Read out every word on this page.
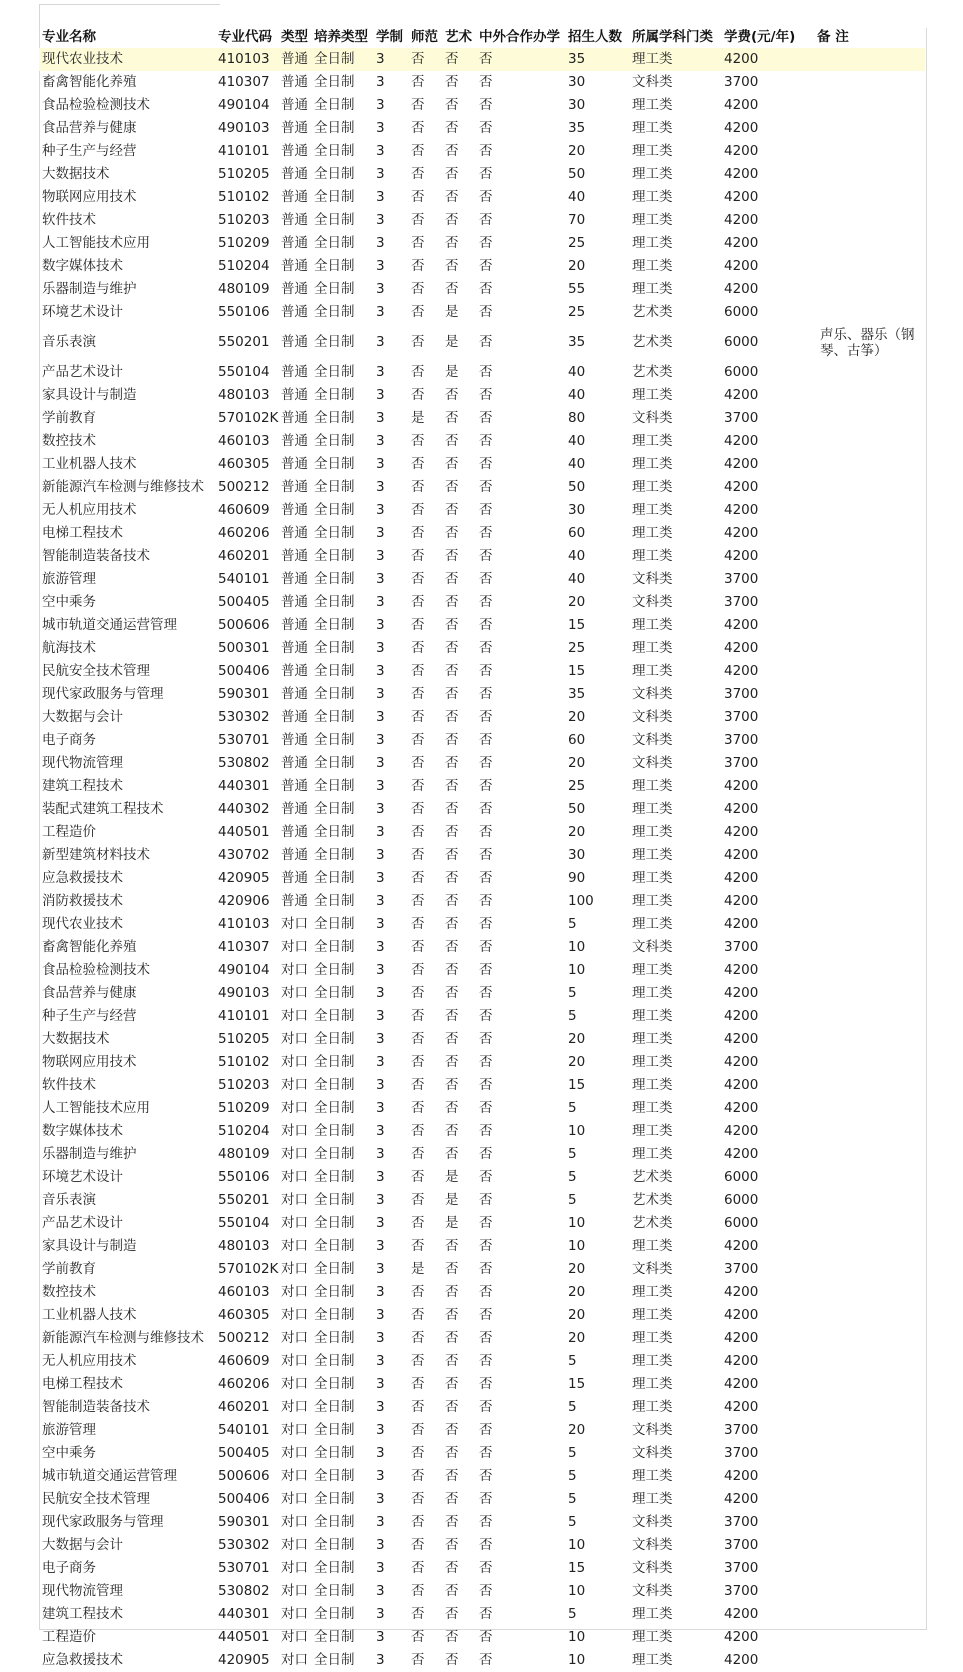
专业名称	专业代码	类型	培养类型	学制	师范	艺术	中外合作办学	招生人数	所属学科门类	学费(元/年)	备 注
现代农业技术	410103	普通	全日制	3	否	否	否	35	理工类	4200	
畜禽智能化养殖	410307	普通	全日制	3	否	否	否	30	文科类	3700	
食品检验检测技术	490104	普通	全日制	3	否	否	否	30	理工类	4200	
食品营养与健康	490103	普通	全日制	3	否	否	否	35	理工类	4200	
种子生产与经营	410101	普通	全日制	3	否	否	否	20	理工类	4200	
大数据技术	510205	普通	全日制	3	否	否	否	50	理工类	4200	
物联网应用技术	510102	普通	全日制	3	否	否	否	40	理工类	4200	
软件技术	510203	普通	全日制	3	否	否	否	70	理工类	4200	
人工智能技术应用	510209	普通	全日制	3	否	否	否	25	理工类	4200	
数字媒体技术	510204	普通	全日制	3	否	否	否	20	理工类	4200	
乐器制造与维护	480109	普通	全日制	3	否	否	否	55	理工类	4200	
环境艺术设计	550106	普通	全日制	3	否	是	否	25	艺术类	6000	
音乐表演	550201	普通	全日制	3	否	是	否	35	艺术类	6000	声乐、器乐（钢琴、古筝）
产品艺术设计	550104	普通	全日制	3	否	是	否	40	艺术类	6000	
家具设计与制造	480103	普通	全日制	3	否	否	否	40	理工类	4200	
学前教育	570102K	普通	全日制	3	是	否	否	80	文科类	3700	
数控技术	460103	普通	全日制	3	否	否	否	40	理工类	4200	
工业机器人技术	460305	普通	全日制	3	否	否	否	40	理工类	4200	
新能源汽车检测与维修技术	500212	普通	全日制	3	否	否	否	50	理工类	4200	
无人机应用技术	460609	普通	全日制	3	否	否	否	30	理工类	4200	
电梯工程技术	460206	普通	全日制	3	否	否	否	60	理工类	4200	
智能制造装备技术	460201	普通	全日制	3	否	否	否	40	理工类	4200	
旅游管理	540101	普通	全日制	3	否	否	否	40	文科类	3700	
空中乘务	500405	普通	全日制	3	否	否	否	20	文科类	3700	
城市轨道交通运营管理	500606	普通	全日制	3	否	否	否	15	理工类	4200	
航海技术	500301	普通	全日制	3	否	否	否	25	理工类	4200	
民航安全技术管理	500406	普通	全日制	3	否	否	否	15	理工类	4200	
现代家政服务与管理	590301	普通	全日制	3	否	否	否	35	文科类	3700	
大数据与会计	530302	普通	全日制	3	否	否	否	20	文科类	3700	
电子商务	530701	普通	全日制	3	否	否	否	60	文科类	3700	
现代物流管理	530802	普通	全日制	3	否	否	否	20	文科类	3700	
建筑工程技术	440301	普通	全日制	3	否	否	否	25	理工类	4200	
装配式建筑工程技术	440302	普通	全日制	3	否	否	否	50	理工类	4200	
工程造价	440501	普通	全日制	3	否	否	否	20	理工类	4200	
新型建筑材料技术	430702	普通	全日制	3	否	否	否	30	理工类	4200	
应急救援技术	420905	普通	全日制	3	否	否	否	90	理工类	4200	
消防救援技术	420906	普通	全日制	3	否	否	否	100	理工类	4200	
现代农业技术	410103	对口	全日制	3	否	否	否	5	理工类	4200	
畜禽智能化养殖	410307	对口	全日制	3	否	否	否	10	文科类	3700	
食品检验检测技术	490104	对口	全日制	3	否	否	否	10	理工类	4200	
食品营养与健康	490103	对口	全日制	3	否	否	否	5	理工类	4200	
种子生产与经营	410101	对口	全日制	3	否	否	否	5	理工类	4200	
大数据技术	510205	对口	全日制	3	否	否	否	20	理工类	4200	
物联网应用技术	510102	对口	全日制	3	否	否	否	20	理工类	4200	
软件技术	510203	对口	全日制	3	否	否	否	15	理工类	4200	
人工智能技术应用	510209	对口	全日制	3	否	否	否	5	理工类	4200	
数字媒体技术	510204	对口	全日制	3	否	否	否	10	理工类	4200	
乐器制造与维护	480109	对口	全日制	3	否	否	否	5	理工类	4200	
环境艺术设计	550106	对口	全日制	3	否	是	否	5	艺术类	6000	
音乐表演	550201	对口	全日制	3	否	是	否	5	艺术类	6000	
产品艺术设计	550104	对口	全日制	3	否	是	否	10	艺术类	6000	
家具设计与制造	480103	对口	全日制	3	否	否	否	10	理工类	4200	
学前教育	570102K	对口	全日制	3	是	否	否	20	文科类	3700	
数控技术	460103	对口	全日制	3	否	否	否	20	理工类	4200	
工业机器人技术	460305	对口	全日制	3	否	否	否	20	理工类	4200	
新能源汽车检测与维修技术	500212	对口	全日制	3	否	否	否	20	理工类	4200	
无人机应用技术	460609	对口	全日制	3	否	否	否	5	理工类	4200	
电梯工程技术	460206	对口	全日制	3	否	否	否	15	理工类	4200	
智能制造装备技术	460201	对口	全日制	3	否	否	否	5	理工类	4200	
旅游管理	540101	对口	全日制	3	否	否	否	20	文科类	3700	
空中乘务	500405	对口	全日制	3	否	否	否	5	文科类	3700	
城市轨道交通运营管理	500606	对口	全日制	3	否	否	否	5	理工类	4200	
民航安全技术管理	500406	对口	全日制	3	否	否	否	5	理工类	4200	
现代家政服务与管理	590301	对口	全日制	3	否	否	否	5	文科类	3700	
大数据与会计	530302	对口	全日制	3	否	否	否	10	文科类	3700	
电子商务	530701	对口	全日制	3	否	否	否	15	文科类	3700	
现代物流管理	530802	对口	全日制	3	否	否	否	10	文科类	3700	
建筑工程技术	440301	对口	全日制	3	否	否	否	5	理工类	4200	
工程造价	440501	对口	全日制	3	否	否	否	10	理工类	4200	
应急救援技术	420905	对口	全日制	3	否	否	否	10	理工类	4200	
